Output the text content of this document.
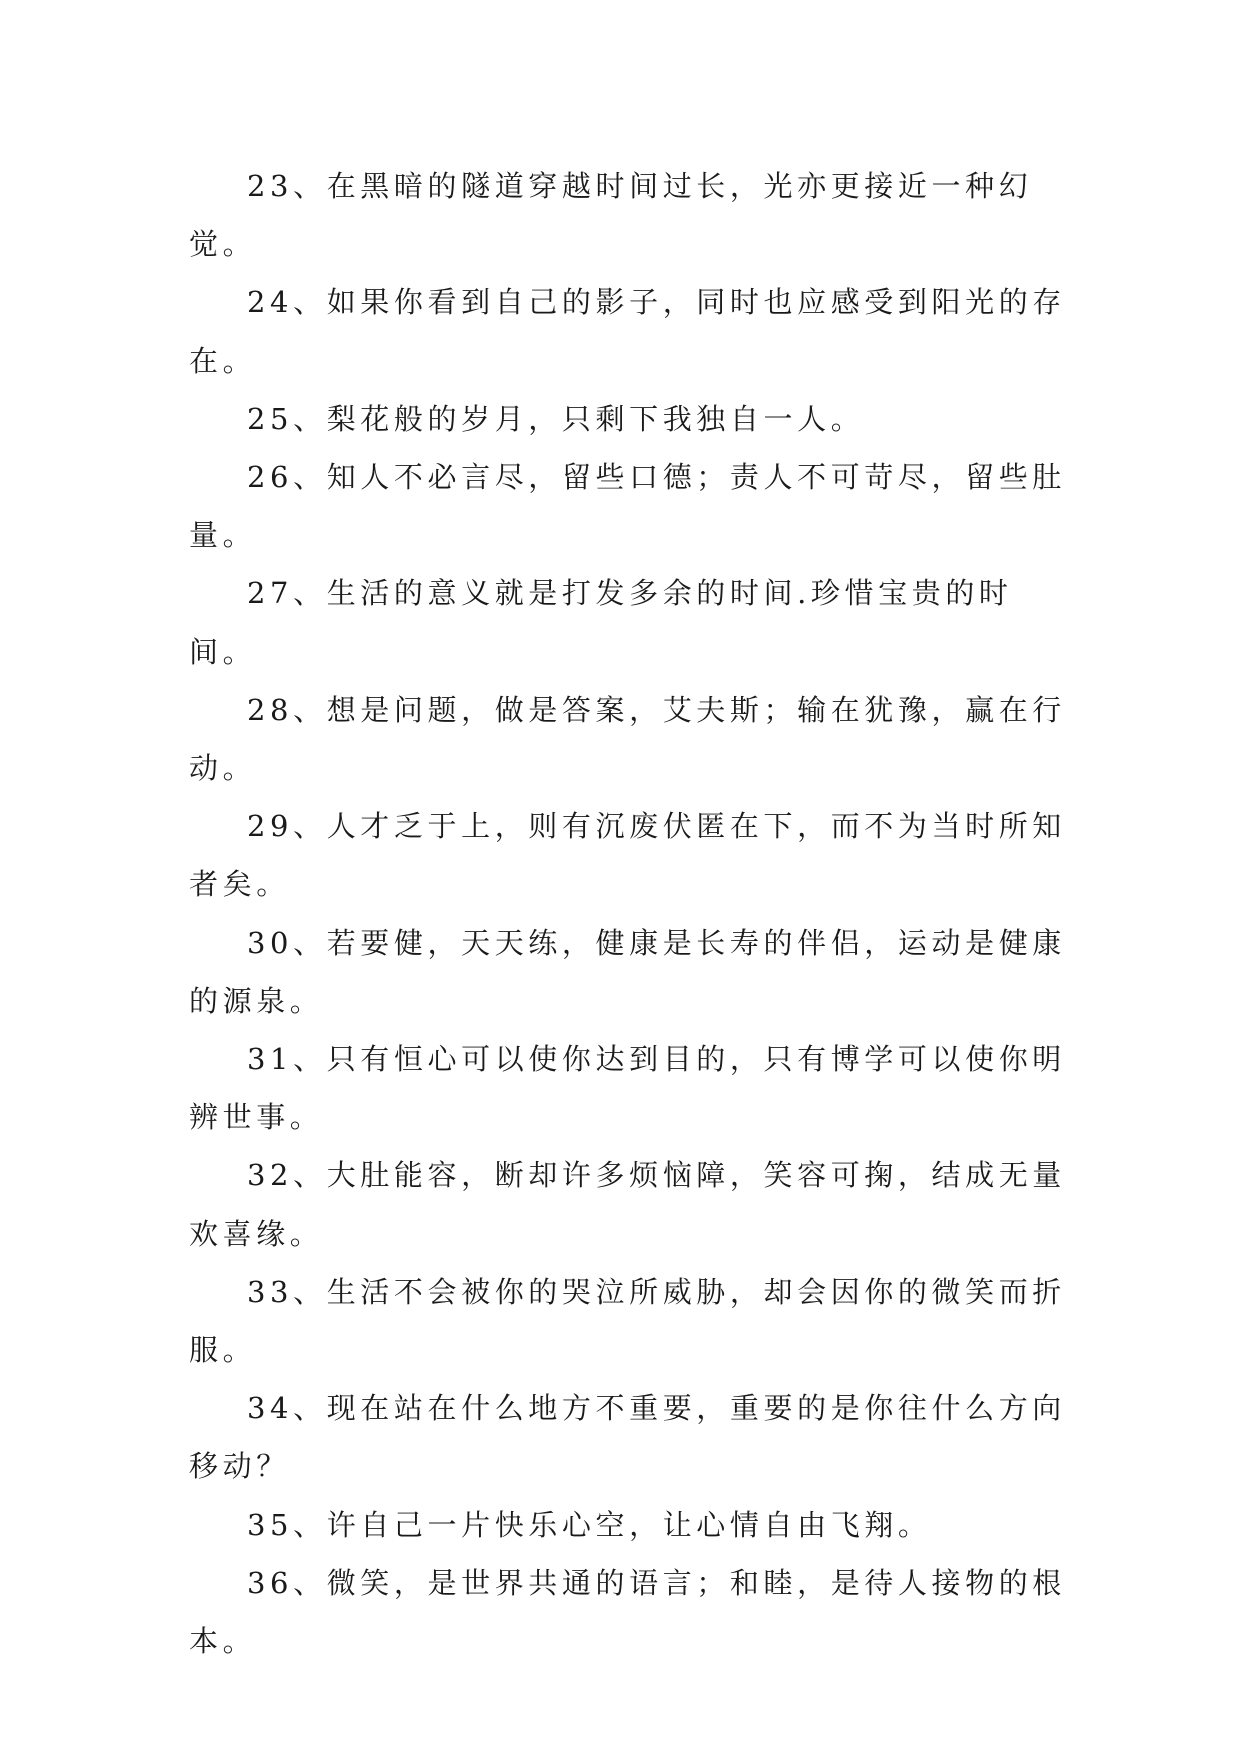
23、在黑暗的隧道穿越时间过长，光亦更接近一种幻觉。

24、如果你看到自己的影子，同时也应感受到阳光的存在。

25、梨花般的岁月，只剩下我独自一人。

26、知人不必言尽，留些口德；责人不可苛尽，留些肚量。

27、生活的意义就是打发多余的时间.珍惜宝贵的时间。

28、想是问题，做是答案，艾夫斯；输在犹豫，赢在行动。

29、人才乏于上，则有沉废伏匿在下，而不为当时所知者矣。

30、若要健，天天练，健康是长寿的伴侣，运动是健康的源泉。

31、只有恒心可以使你达到目的，只有博学可以使你明辨世事。

32、大肚能容，断却许多烦恼障，笑容可掬，结成无量欢喜缘。

33、生活不会被你的哭泣所威胁，却会因你的微笑而折服。

34、现在站在什么地方不重要，重要的是你往什么方向移动？

35、许自己一片快乐心空，让心情自由飞翔。

36、微笑，是世界共通的语言；和睦，是待人接物的根本。
